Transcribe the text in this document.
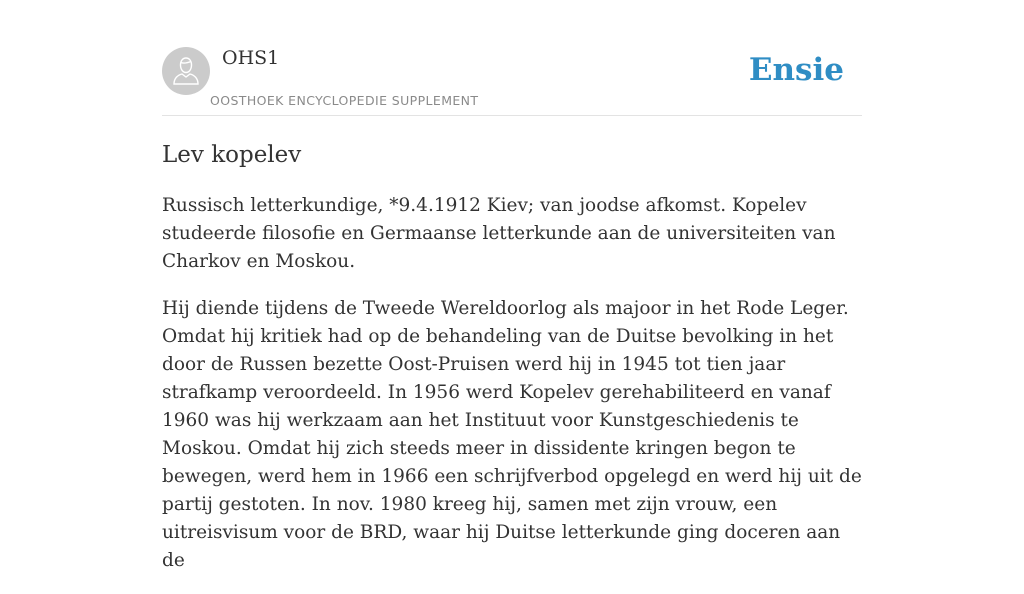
OHS1
OOSTHOEK ENCYCLOPEDIE SUPPLEMENT
Ensie
Lev kopelev

Russisch letterkundige, *9.4.1912 Kiev; van joodse afkomst. Kopelev studeerde filosofie en Germaanse letterkunde aan de universiteiten van Charkov en Moskou.

Hij diende tijdens de Tweede Wereldoorlog als majoor in het Rode Leger. Omdat hij kritiek had op de behandeling van de Duitse bevolking in het door de Russen bezette Oost-Pruisen werd hij in 1945 tot tien jaar strafkamp veroordeeld. In 1956 werd Kopelev gerehabiliteerd en vanaf 1960 was hij werkzaam aan het Instituut voor Kunstgeschiedenis te Moskou. Omdat hij zich steeds meer in dissidente kringen begon te bewegen, werd hem in 1966 een schrijfverbod opgelegd en werd hij uit de partij gestoten. In nov. 1980 kreeg hij, samen met zijn vrouw, een uitreisvisum voor de BRD, waar hij Duitse letterkunde ging doceren aan de
